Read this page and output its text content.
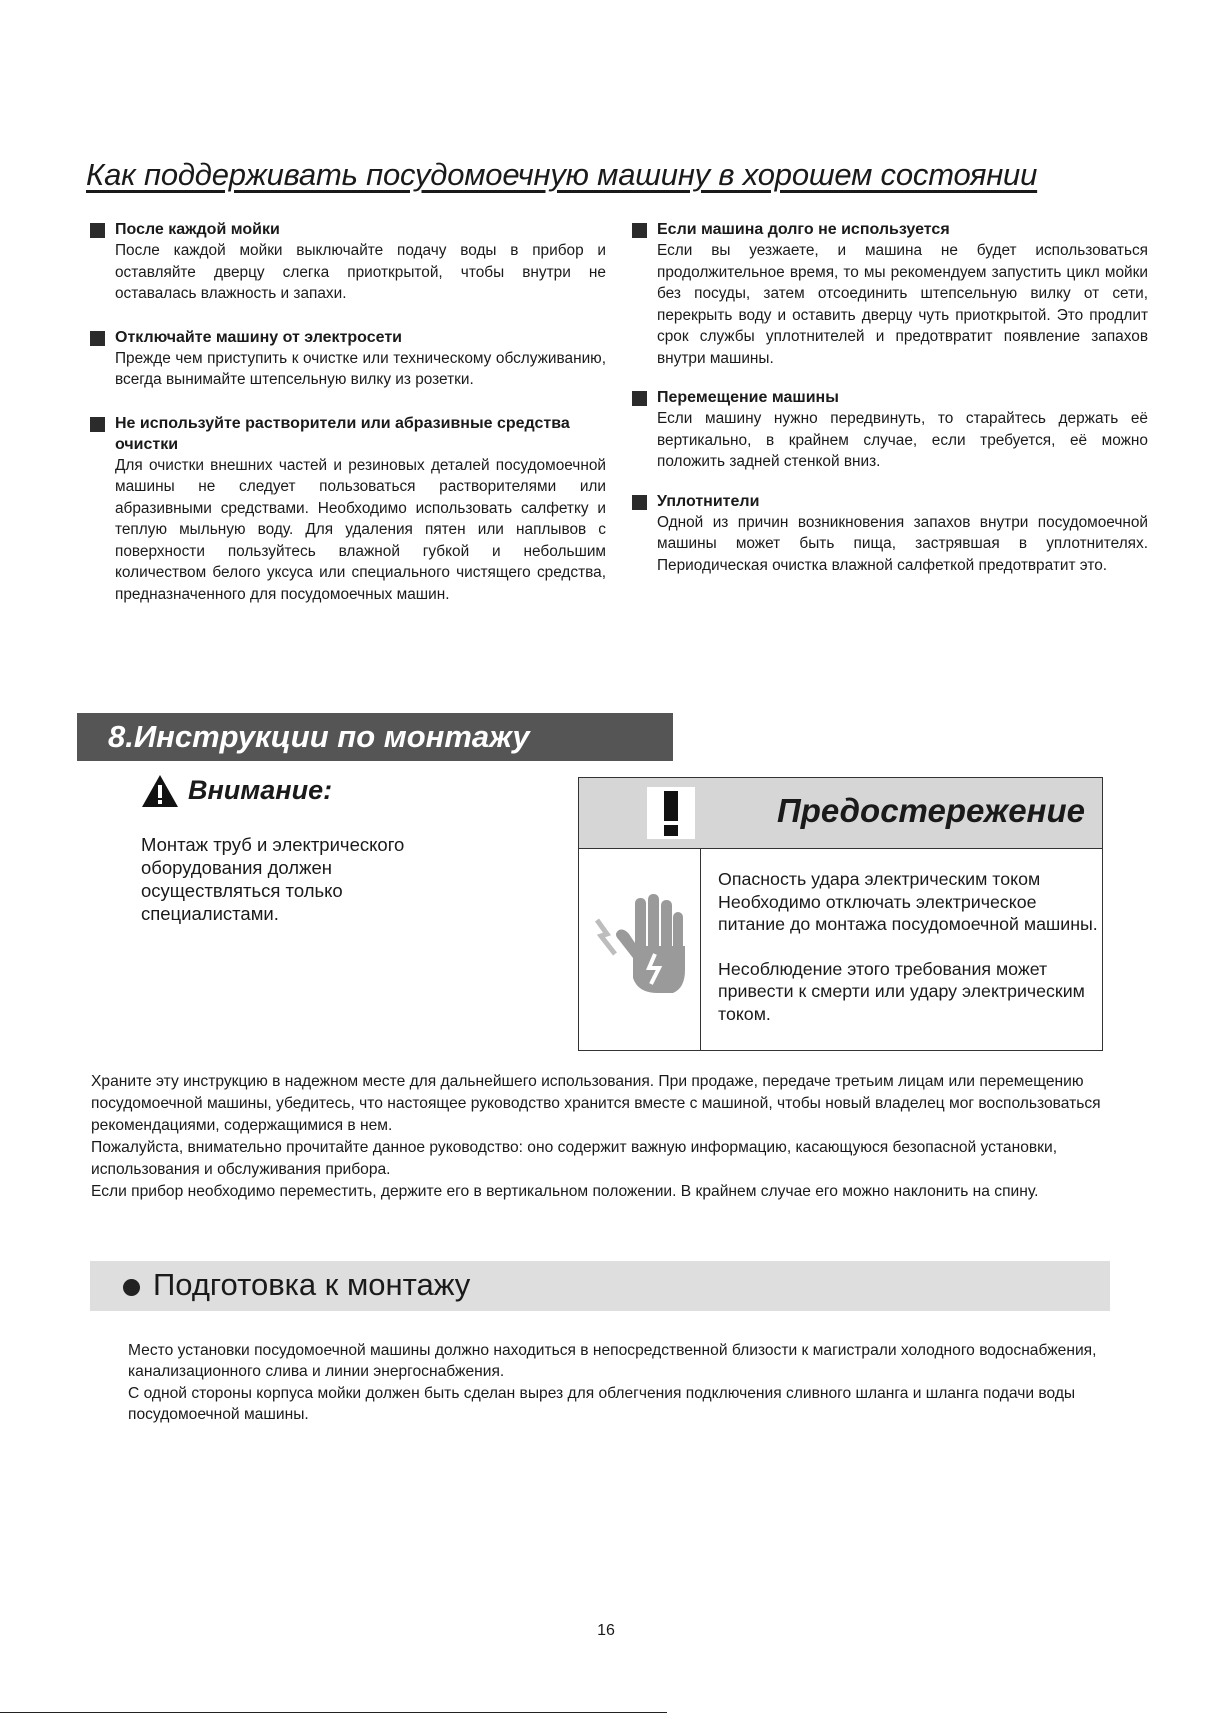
Как поддерживать посудомоечную машину в хорошем состоянии
После каждой мойки

После каждой мойки выключайте подачу воды в прибор и оставляйте дверцу слегка приоткрытой, чтобы внутри не оставалась влажность и запахи.

Отключайте машину от электросети

Прежде чем приступить к очистке или техническому обслуживанию, всегда вынимайте штепсельную вилку из розетки.

Не используйте растворители или абразивные средства очистки

Для очистки внешних частей и резиновых деталей посудомоечной машины не следует пользоваться растворителями или абразивными средствами. Необходимо использовать салфетку и теплую мыльную воду. Для удаления пятен или наплывов с поверхности пользуйтесь влажной губкой и небольшим количеством белого уксуса или специального чистящего средства, предназначенного для посудомоечных машин.

Если машина долго не используется

Если вы уезжаете, и машина не будет использоваться продолжительное время, то мы рекомендуем запустить цикл мойки без посуды, затем отсоединить штепсельную вилку от сети, перекрыть воду и оставить дверцу чуть приоткрытой. Это продлит срок службы уплотнителей и предотвратит появление запахов внутри машины.

Перемещение машины

Если машину нужно передвинуть, то старайтесь держать её вертикально, в крайнем случае, если требуется, её можно положить задней стенкой вниз.

Уплотнители

Одной из причин возникновения запахов внутри посудомоечной машины может быть пища, застрявшая в уплотнителях. Периодическая очистка влажной салфеткой предотвратит это.

8.Инструкции по монтажу
Внимание:
Монтаж труб и электрического оборудования должен осуществляться только специалистами.
Предостережение

Опасность удара электрическим током Необходимо отключать электрическое питание до монтажа посудомоечной машины.

Несоблюдение этого требования может привести к смерти или удару электрическим током.

Храните эту инструкцию в надежном месте для дальнейшего использования. При продаже, передаче третьим лицам или перемещению посудомоечной машины, убедитесь, что настоящее руководство хранится вместе с машиной, чтобы новый владелец мог воспользоваться рекомендациями, содержащимися в нем.

Пожалуйста, внимательно прочитайте данное руководство: оно содержит важную информацию, касающуюся безопасной установки, использования и обслуживания прибора.

Если прибор необходимо переместить, держите его в вертикальном положении. В крайнем случае его можно наклонить на спину.

Подготовка к монтажу

Место установки посудомоечной машины должно находиться в непосредственной близости к магистрали холодного водоснабжения, канализационного слива и линии энергоснабжения.

С одной стороны корпуса мойки должен быть сделан вырез для облегчения подключения сливного шланга и шланга подачи воды посудомоечной машины.

16
